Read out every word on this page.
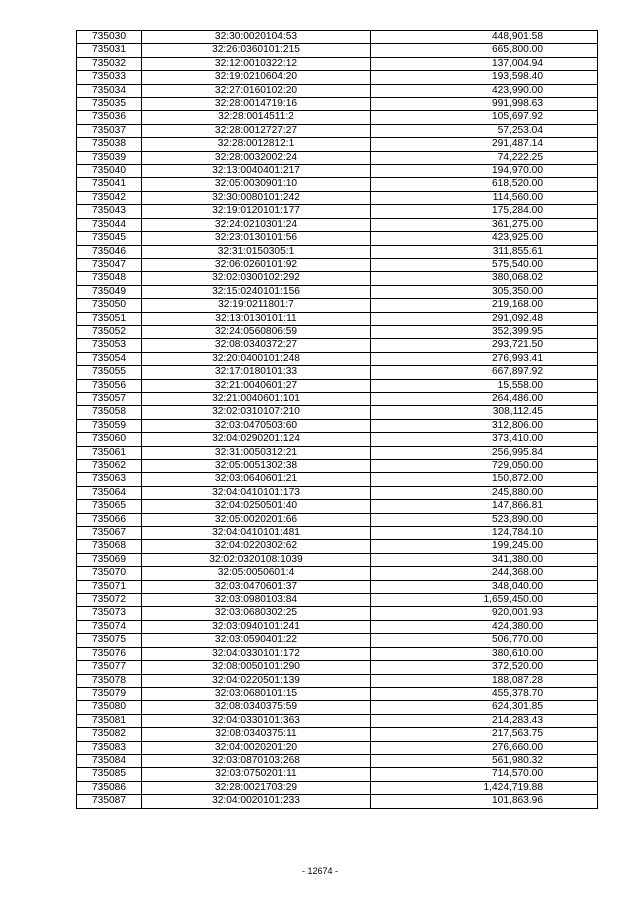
735030	32:30:0020104:53	448,901.58
735031	32:26:0360101:215	665,800.00
735032	32:12:0010322:12	137,004.94
735033	32:19:0210604:20	193,598.40
735034	32:27:0160102:20	423,990.00
735035	32:28:0014719:16	991,998.63
735036	32:28:0014511:2	105,697.92
735037	32:28:0012727:27	57,253.04
735038	32:28:0012812:1	291,487.14
735039	32:28:0032002:24	74,222.25
735040	32:13:0040401:217	194,970.00
735041	32:05:0030901:10	618,520.00
735042	32:30:0080101:242	114,560.00
735043	32:19:0120101:177	175,284.00
735044	32:24:0210301:24	361,275.00
735045	32:23:0130101:56	423,925.00
735046	32:31:0150305:1	311,855.61
735047	32:06:0260101:92	575,540.00
735048	32:02:0300102:292	380,068.02
735049	32:15:0240101:156	305,350.00
735050	32:19:0211801:7	219,168.00
735051	32:13:0130101:11	291,092.48
735052	32:24:0560806:59	352,399.95
735053	32:08:0340372:27	293,721.50
735054	32:20:0400101:248	276,993.41
735055	32:17:0180101:33	667,897.92
735056	32:21:0040601:27	15,558.00
735057	32:21:0040601:101	264,486.00
735058	32:02:0310107:210	308,112.45
735059	32:03:0470503:60	312,806.00
735060	32:04:0290201:124	373,410.00
735061	32:31:0050312:21	256,995.84
735062	32:05:0051302:38	729,050.00
735063	32:03:0640601:21	150,872.00
735064	32:04:0410101:173	245,880.00
735065	32:04:0250501:40	147,866.81
735066	32:05:0020201:66	523,890.00
735067	32:04:0410101:481	124,784.10
735068	32:04:0220302:62	199,245.00
735069	32:02:0320108:1039	341,380.00
735070	32:05:0050601:4	244,368.00
735071	32:03:0470601:37	348,040.00
735072	32:03:0980103:84	1,659,450.00
735073	32:03:0680302:25	920,001.93
735074	32:03:0940101:241	424,380.00
735075	32:03:0590401:22	506,770.00
735076	32:04:0330101:172	380,610.00
735077	32:08:0050101:290	372,520.00
735078	32:04:0220501:139	188,087.28
735079	32:03:0680101:15	455,378.70
735080	32:08:0340375:59	624,301.85
735081	32:04:0330101:363	214,283.43
735082	32:08:0340375:11	217,563.75
735083	32:04:0020201:20	276,660.00
735084	32:03:0870103:268	561,980.32
735085	32:03:0750201:11	714,570.00
735086	32:28:0021703:29	1,424,719.88
735087	32:04:0020101:233	101,863.96
- 12674 -
